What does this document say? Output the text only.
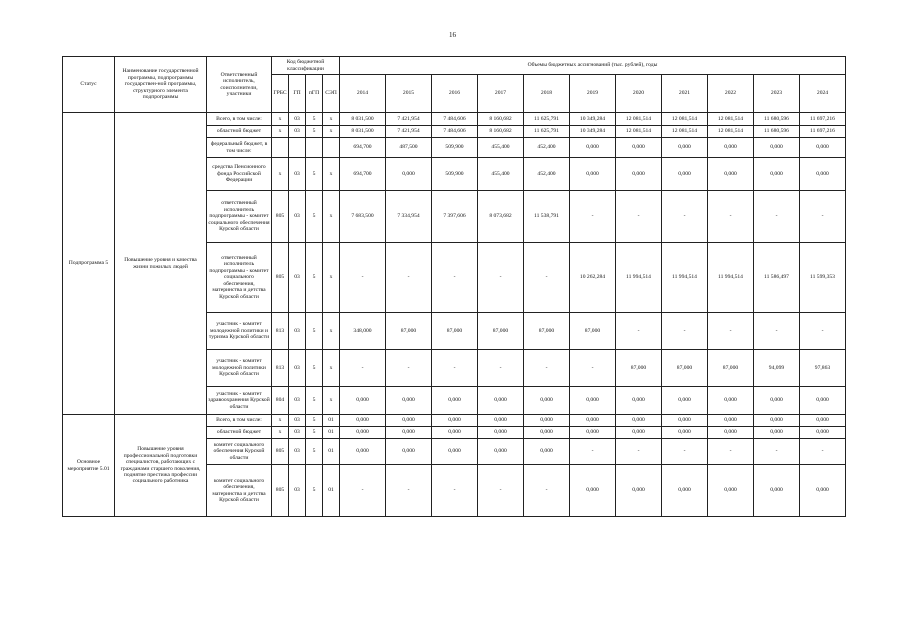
16
Статус	Наименование государственной программы, подпрограммы государствен-ной программы, структурного элемента подпрограммы	Ответственный исполнитель, соисполнители, участники	Код бюджетной классификации				Объемы бюджетных ассигнований (тыс. рублей), годы										
			ГРБС	ГП	пГП	СЭП	2014	2015	2016	2017	2018	2019	2020	2021	2022	2023	2024
Подпрограмма 5	Повышение уровня и качества жизни пожилых людей	Всего, в том числе:	x	03	5	x	8 031,500	7 421,954	7 484,606	8 160,682	11 625,791	10 349,284	12 081,514	12 081,514	12 081,514	11 680,596	11 697,216
		областной бюджет	x	03	5	x	8 031,500	7 421,954	7 484,606	8 160,682	11 625,791	10 349,284	12 081,514	12 081,514	12 081,514	11 680,596	11 697,216
		федеральный бюджет, в том числе:					694,700	487,500	509,900	455,400	452,400	0,000	0,000	0,000	0,000	0,000	0,000
		средства Пенсионного фонда Российской Федерации	x	03	5	x	694,700	0,000	509,900	455,400	452,400	0,000	0,000	0,000	0,000	0,000	0,000
		ответственный исполнитель подпрограммы - комитет социального обеспечения Курской области	805	03	5	x	7 683,500	7 334,954	7 397,606	8 073,682	11 538,791	-	-	-	-	-	-
		ответственный исполнитель подпрограммы - комитет социального обеспечения, материнства и детства Курской области	805	03	5	x	-	-	-	-	-	10 262,284	11 994,514	11 994,514	11 994,514	11 586,497	11 599,353
		участник - комитет молодежной политики и туризма Курской области	813	03	5	x	348,000	87,000	87,000	87,000	87,000	87,000	-	-	-	-	-
		участник - комитет молодежной политики Курской области	813	03	5	x	-	-	-	-	-	-	87,000	87,000	87,000	94,099	97,863
		участник - комитет здравоохранения Курской области	804	03	5	x	0,000	0,000	0,000	0,000	0,000	0,000	0,000	0,000	0,000	0,000	0,000
Основное мероприятие 5.01	Повышение уровня профессиональной подготовки специалистов, работающих с гражданами старшего поколения, поднятие престижа профессии социального работника	Всего, в том числе:	x	03	5	01	0,000	0,000	0,000	0,000	0,000	0,000	0,000	0,000	0,000	0,000	0,000
		областной бюджет	x	03	5	01	0,000	0,000	0,000	0,000	0,000	0,000	0,000	0,000	0,000	0,000	0,000
		комитет социального обеспечения Курской области	805	03	5	01	0,000	0,000	0,000	0,000	0,000	-	-	-	-	-	-
		комитет социального обеспечения, материнства и детства Курской области	805	03	5	01	-	-	-	-	-	0,000	0,000	0,000	0,000	0,000	0,000
